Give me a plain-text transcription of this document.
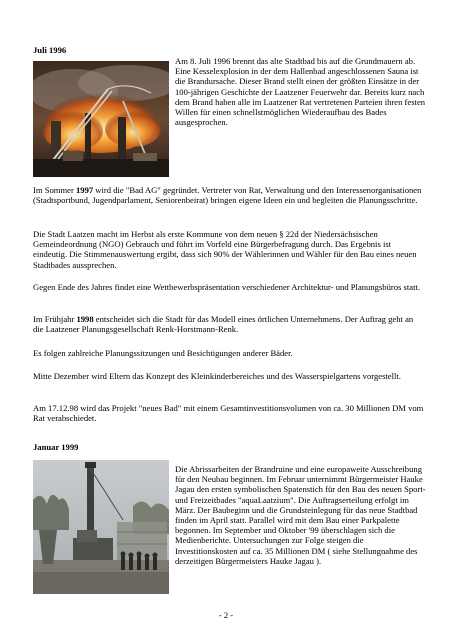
Juli 1996
Am 8. Juli 1996 brennt das alte Stadtbad bis auf die Grundmauern ab. Eine Kesselexplosion in der dem Hallenbad angeschlossenen Sauna ist die Brandursache. Dieser Brand stellt einen der größten Einsätze in der 100-jährigen Geschichte der Laatzener Feuerwehr dar. Bereits kurz nach dem Brand haben alle im Laatzener Rat vertretenen Parteien ihren festen Willen für einen schnellstmöglichen Wiederaufbau des Bades ausgesprochen.
Im Sommer 1997 wird die "Bad AG" gegründet. Vertreter von Rat, Verwaltung und den Interessenorganisationen (Stadtsportbund, Jugendparlament, Seniorenbeirat) bringen eigene Ideen ein und begleiten die Planungsschritte.
Die Stadt Laatzen macht im Herbst als erste Kommune von dem neuen § 22d der Niedersächsischen Gemeindeordnung (NGO) Gebrauch und führt im Vorfeld eine Bürgerbefragung durch. Das Ergebnis ist eindeutig. Die Stimmenauswertung ergibt, dass sich 90% der Wählerinnen und Wähler für den Bau eines neuen Stadtbades aussprechen.
Gegen Ende des Jahres findet eine Wettbewerbspräsentation verschiedener Architektur- und Planungsbüros statt.
Im Frühjahr 1998 entscheidet sich die Stadt für das Modell eines örtlichen Unternehmens. Der Auftrag geht an die Laatzener Planungsgesellschaft Renk-Horstmann-Renk.
Es folgen zahlreiche Planungssitzungen und Besichtigungen anderer Bäder.
Mitte Dezember wird Eltern das Konzept des Kleinkinderbereiches und des Wasserspielgartens vorgestellt.
Am 17.12.98 wird das Projekt "neues Bad" mit einem Gesamtinvestitionsvolumen von ca. 30 Millionen DM vom Rat verabschiedet.
Januar 1999
Die Abrissarbeiten der Brandruine und eine europaweite Ausschreibung für den Neubau beginnen. Im Februar unternimmt Bürgermeister Hauke Jagau den ersten symbolischen Spatenstich für den Bau des neuen Sport- und Freizeitbades "aquaLaatzium". Die Auftragserteilung erfolgt im März. Der Baubeginn und die Grundsteinlegung für das neue Stadtbad finden im April statt. Parallel wird mit dem Bau einer Parkpalette begonnen. Im September und Oktober '99 überschlagen sich die Medienberichte. Untersuchungen zur Folge steigen die Investitionskosten auf ca. 35 Millionen DM ( siehe Stellungnahme des derzeitigen Bürgermeisters Hauke Jagau ).
- 2 -
